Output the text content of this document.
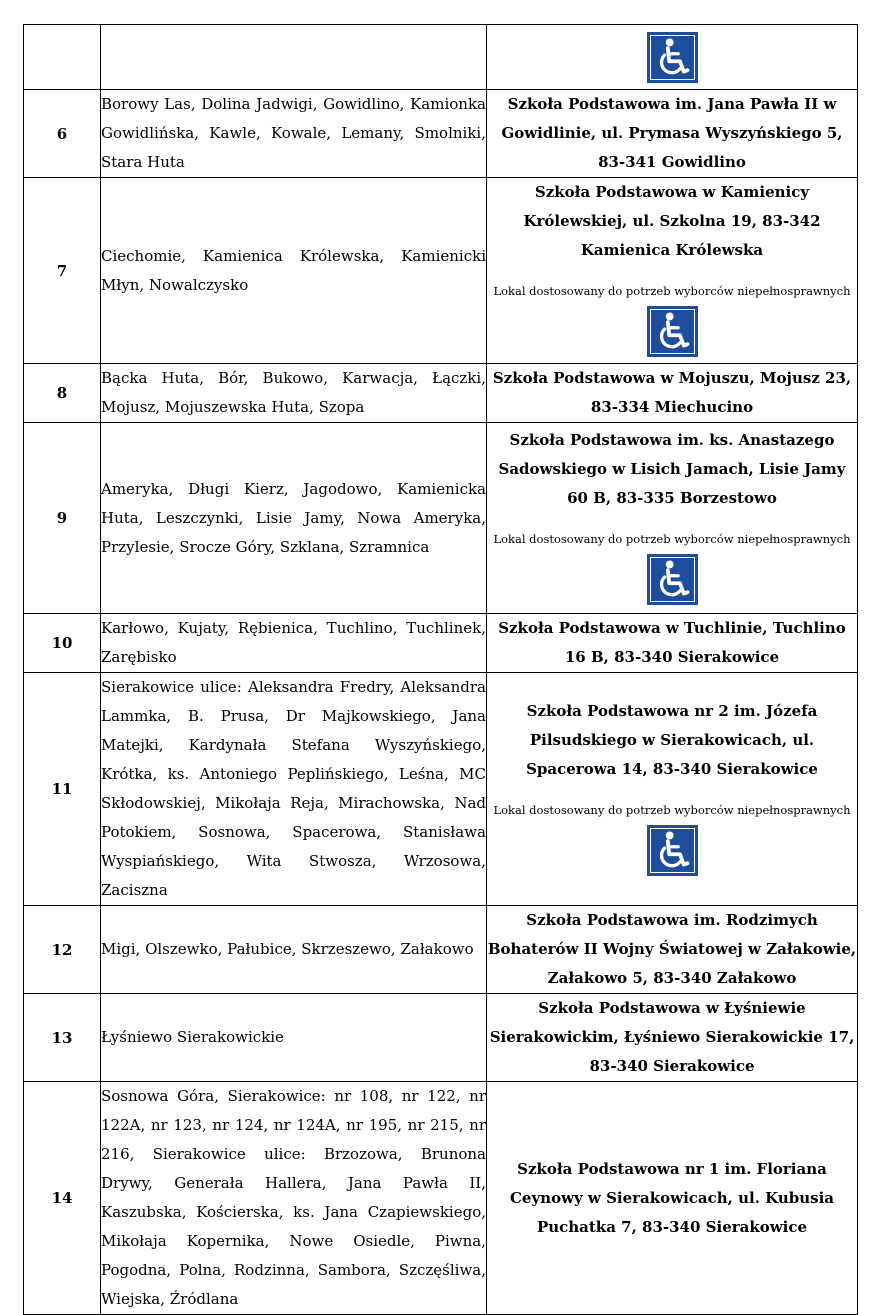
6	Borowy Las, Dolina Jadwigi, Gowidlino, Kamionka Gowidlińska, Kawle, Kowale, Lemany, Smolniki, Stara Huta	Szkoła Podstawowa im. Jana Pawła II w Gowidlinie, ul. Prymasa Wyszyńskiego 5, 83-341 Gowidlino

7	Ciechomie, Kamienica Królewska, Kamienicki Młyn, Nowalczysko	Szkoła Podstawowa w Kamienicy Królewskiej, ul. Szkolna 19, 83-342 Kamienica Królewska
Lokal dostosowany do potrzeb wyborców niepełnosprawnych

8	Bącka Huta, Bór, Bukowo, Karwacja, Łączki, Mojusz, Mojuszewska Huta, Szopa	Szkoła Podstawowa w Mojuszu, Mojusz 23, 83-334 Miechucino

9	Ameryka, Długi Kierz, Jagodowo, Kamienicka Huta, Leszczynki, Lisie Jamy, Nowa Ameryka, Przylesie, Srocze Góry, Szklana, Szramnica	Szkoła Podstawowa im. ks. Anastazego Sadowskiego w Lisich Jamach, Lisie Jamy 60 B, 83-335 Borzestowo
Lokal dostosowany do potrzeb wyborców niepełnosprawnych

10	Karłowo, Kujaty, Rębienica, Tuchlino, Tuchlinek, Zarębisko	Szkoła Podstawowa w Tuchlinie, Tuchlino 16 B, 83-340 Sierakowice

11	Sierakowice ulice: Aleksandra Fredry, Aleksandra Lammka, B. Prusa, Dr Majkowskiego, Jana Matejki, Kardynała Stefana Wyszyńskiego, Krótka, ks. Antoniego Peplińskiego, Leśna, MC Skłodowskiej, Mikołaja Reja, Mirachowska, Nad Potokiem, Sosnowa, Spacerowa, Stanisława Wyspiańskiego, Wita Stwosza, Wrzosowa, Zaciszna	Szkoła Podstawowa nr 2 im. Józefa Pilsudskiego w Sierakowicach, ul. Spacerowa 14, 83-340 Sierakowice
Lokal dostosowany do potrzeb wyborców niepełnosprawnych

12	Migi, Olszewko, Pałubice, Skrzeszewo, Załakowo	Szkoła Podstawowa im. Rodzimych Bohaterów II Wojny Światowej w Załakowie, Załakowo 5, 83-340 Załakowo

13	Łyśniewo Sierakowickie	Szkoła Podstawowa w Łyśniewie Sierakowickim, Łyśniewo Sierakowickie 17, 83-340 Sierakowice

14	Sosnowa Góra, Sierakowice: nr 108, nr 122, nr 122A, nr 123, nr 124, nr 124A, nr 195, nr 215, nr 216, Sierakowice ulice: Brzozowa, Brunona Drywy, Generała Hallera, Jana Pawła II, Kaszubska, Kościerska, ks. Jana Czapiewskiego, Mikołaja Kopernika, Nowe Osiedle, Piwna, Pogodna, Polna, Rodzinna, Sambora, Szczęśliwa, Wiejska, Źródlana	Szkoła Podstawowa nr 1 im. Floriana Ceynowy w Sierakowicach, ul. Kubusia Puchatka 7, 83-340 Sierakowice
